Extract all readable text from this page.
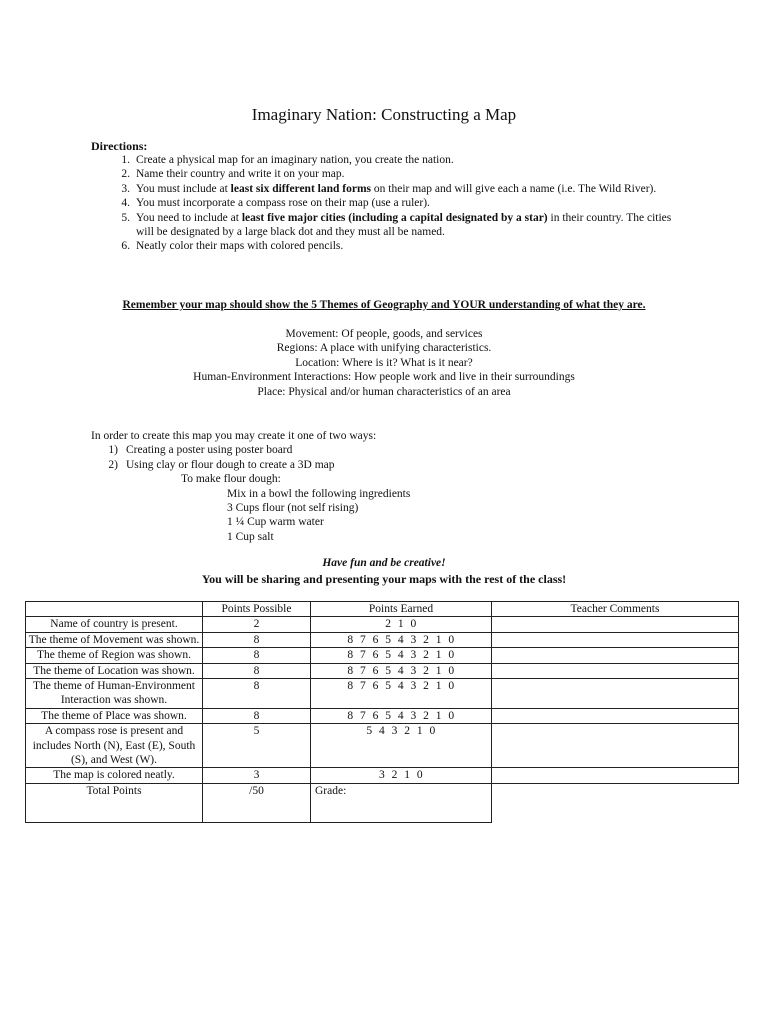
Imaginary Nation: Constructing a Map
Directions:
1. Create a physical map for an imaginary nation, you create the nation.
2. Name their country and write it on your map.
3. You must include at least six different land forms on their map and will give each a name (i.e. The Wild River).
4. You must incorporate a compass rose on their map (use a ruler).
5. You need to include at least five major cities (including a capital designated by a star) in their country. The cities will be designated by a large black dot and they must all be named.
6. Neatly color their maps with colored pencils.
Remember your map should show the 5 Themes of Geography and YOUR understanding of what they are.
Movement: Of people, goods, and services
Regions: A place with unifying characteristics.
Location: Where is it? What is it near?
Human-Environment Interactions: How people work and live in their surroundings
Place: Physical and/or human characteristics of an area
In order to create this map you may create it one of two ways:
1) Creating a poster using poster board
2) Using clay or flour dough to create a 3D map
To make flour dough:
Mix in a bowl the following ingredients
3 Cups flour (not self rising)
1 ¼ Cup warm water
1 Cup salt
Have fun and be creative!
You will be sharing and presenting your maps with the rest of the class!
	Points Possible	Points Earned	Teacher Comments
Name of country is present.	2	2 1 0	
The theme of Movement was shown.	8	8 7 6 5 4 3 2 1 0	
The theme of Region was shown.	8	8 7 6 5 4 3 2 1 0	
The theme of Location was shown.	8	8 7 6 5 4 3 2 1 0	
The theme of Human-Environment Interaction was shown.	8	8 7 6 5 4 3 2 1 0	
The theme of Place was shown.	8	8 7 6 5 4 3 2 1 0	
A compass rose is present and includes North (N), East (E), South (S), and West (W).	5	5 4 3 2 1 0	
The map is colored neatly.	3	3 2 1 0	
Total Points	/50	Grade:	
